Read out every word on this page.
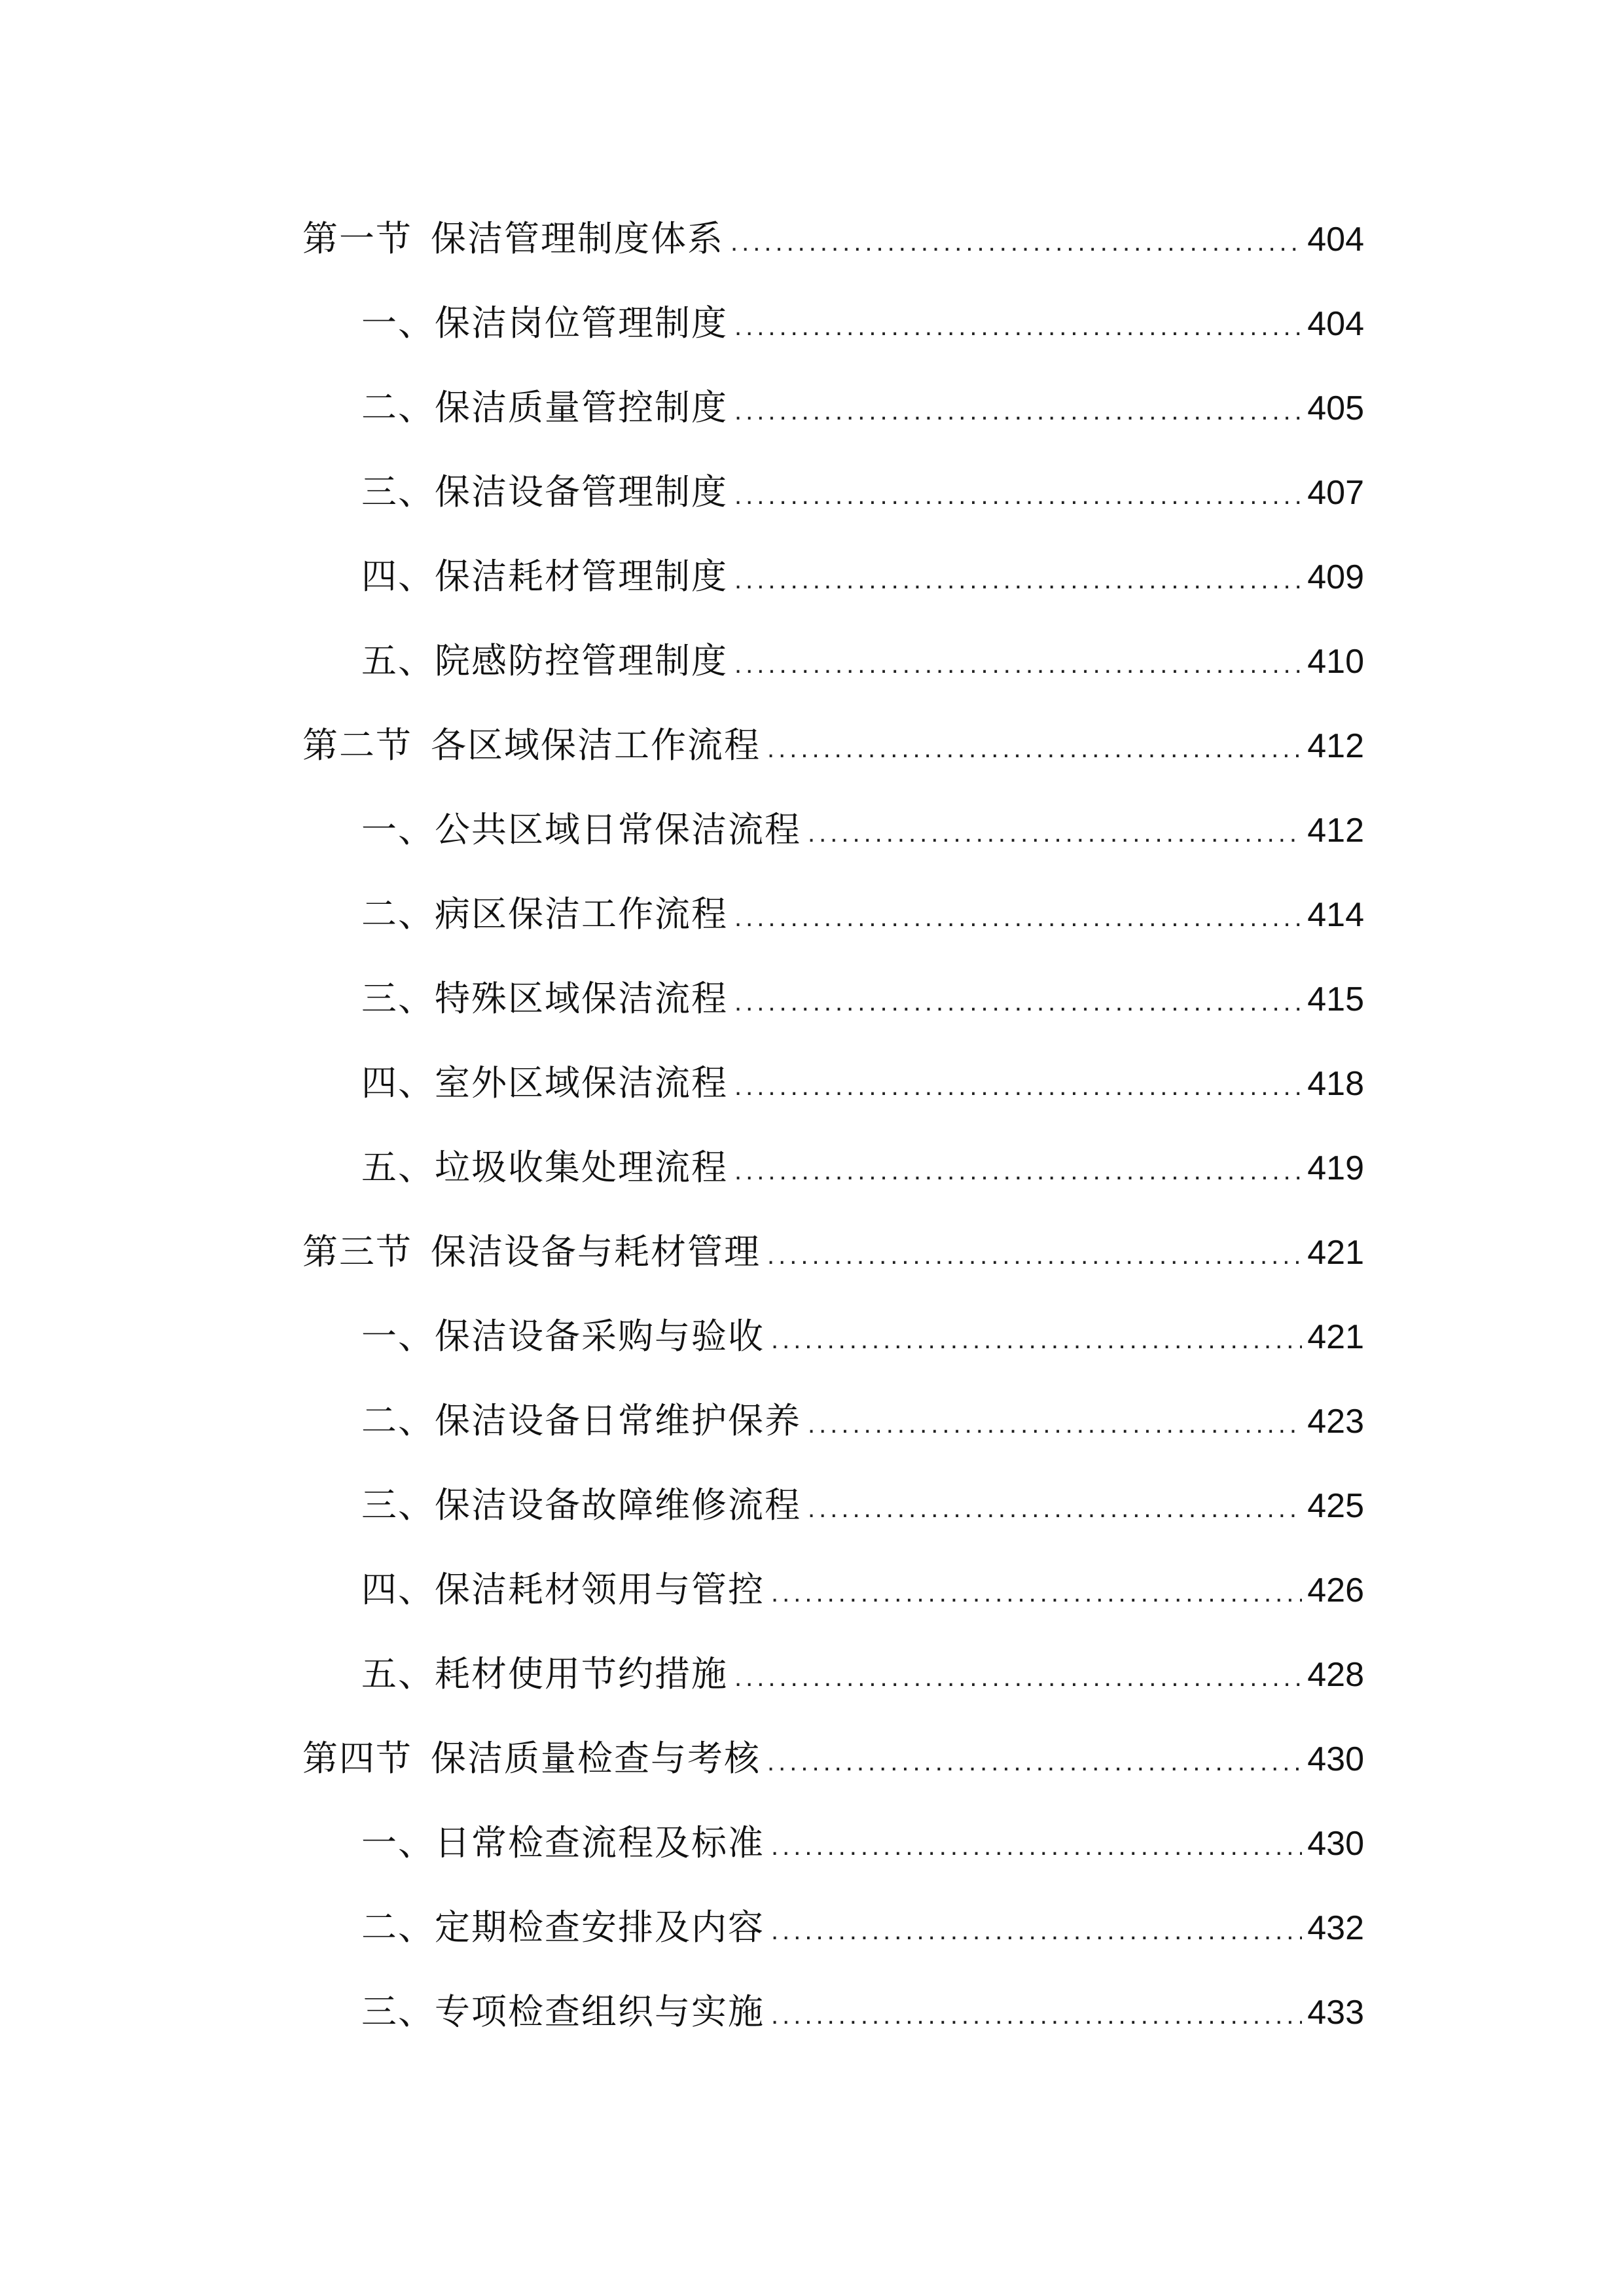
第一节 保洁管理制度体系 .....	404
一、保洁岗位管理制度 .....	404
二、保洁质量管控制度 .....	405
三、保洁设备管理制度 .....	407
四、保洁耗材管理制度 .....	409
五、院感防控管理制度 .....	410
第二节 各区域保洁工作流程 .....	412
一、公共区域日常保洁流程 .....	412
二、病区保洁工作流程 .....	414
三、特殊区域保洁流程 .....	415
四、室外区域保洁流程 .....	418
五、垃圾收集处理流程 .....	419
第三节 保洁设备与耗材管理 .....	421
一、保洁设备采购与验收 .....	421
二、保洁设备日常维护保养 .....	423
三、保洁设备故障维修流程 .....	425
四、保洁耗材领用与管控 .....	426
五、耗材使用节约措施 .....	428
第四节 保洁质量检查与考核 .....	430
一、日常检查流程及标准 .....	430
二、定期检查安排及内容 .....	432
三、专项检查组织与实施 .....	433
